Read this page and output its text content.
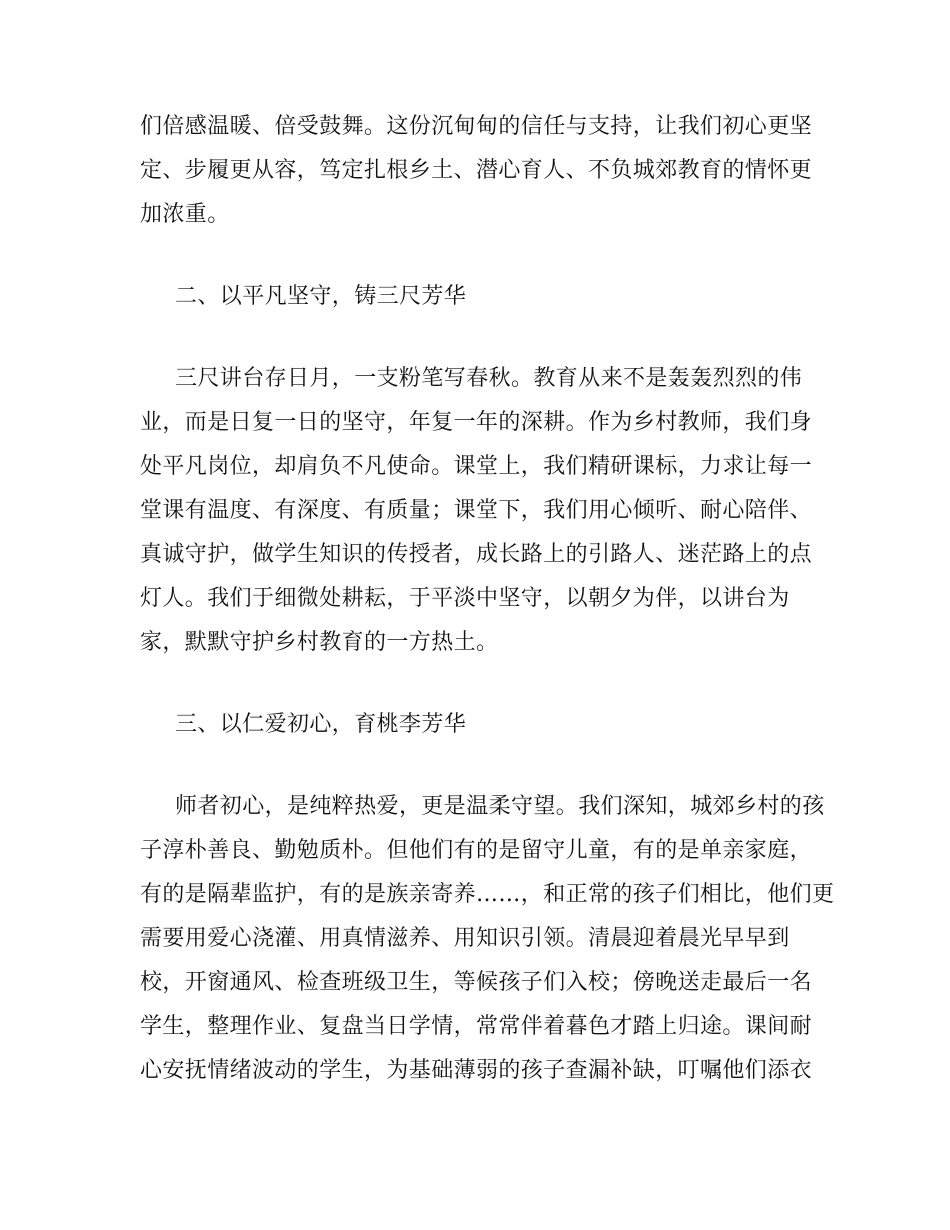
们倍感温暖、倍受鼓舞。这份沉甸甸的信任与支持，让我们初心更坚
定、步履更从容，笃定扎根乡土、潜心育人、不负城郊教育的情怀更
加浓重。
二、以平凡坚守，铸三尺芳华
三尺讲台存日月，一支粉笔写春秋。教育从来不是轰轰烈烈的伟
业，而是日复一日的坚守，年复一年的深耕。作为乡村教师，我们身
处平凡岗位，却肩负不凡使命。课堂上，我们精研课标，力求让每一
堂课有温度、有深度、有质量；课堂下，我们用心倾听、耐心陪伴、
真诚守护，做学生知识的传授者，成长路上的引路人、迷茫路上的点
灯人。我们于细微处耕耘，于平淡中坚守，以朝夕为伴，以讲台为
家，默默守护乡村教育的一方热土。
三、以仁爱初心，育桃李芳华
师者初心，是纯粹热爱，更是温柔守望。我们深知，城郊乡村的孩
子淳朴善良、勤勉质朴。但他们有的是留守儿童，有的是单亲家庭，
有的是隔辈监护，有的是族亲寄养……，和正常的孩子们相比，他们更
需要用爱心浇灌、用真情滋养、用知识引领。清晨迎着晨光早早到
校，开窗通风、检查班级卫生，等候孩子们入校；傍晚送走最后一名
学生，整理作业、复盘当日学情，常常伴着暮色才踏上归途。课间耐
心安抚情绪波动的学生，为基础薄弱的孩子查漏补缺，叮嘱他们添衣
